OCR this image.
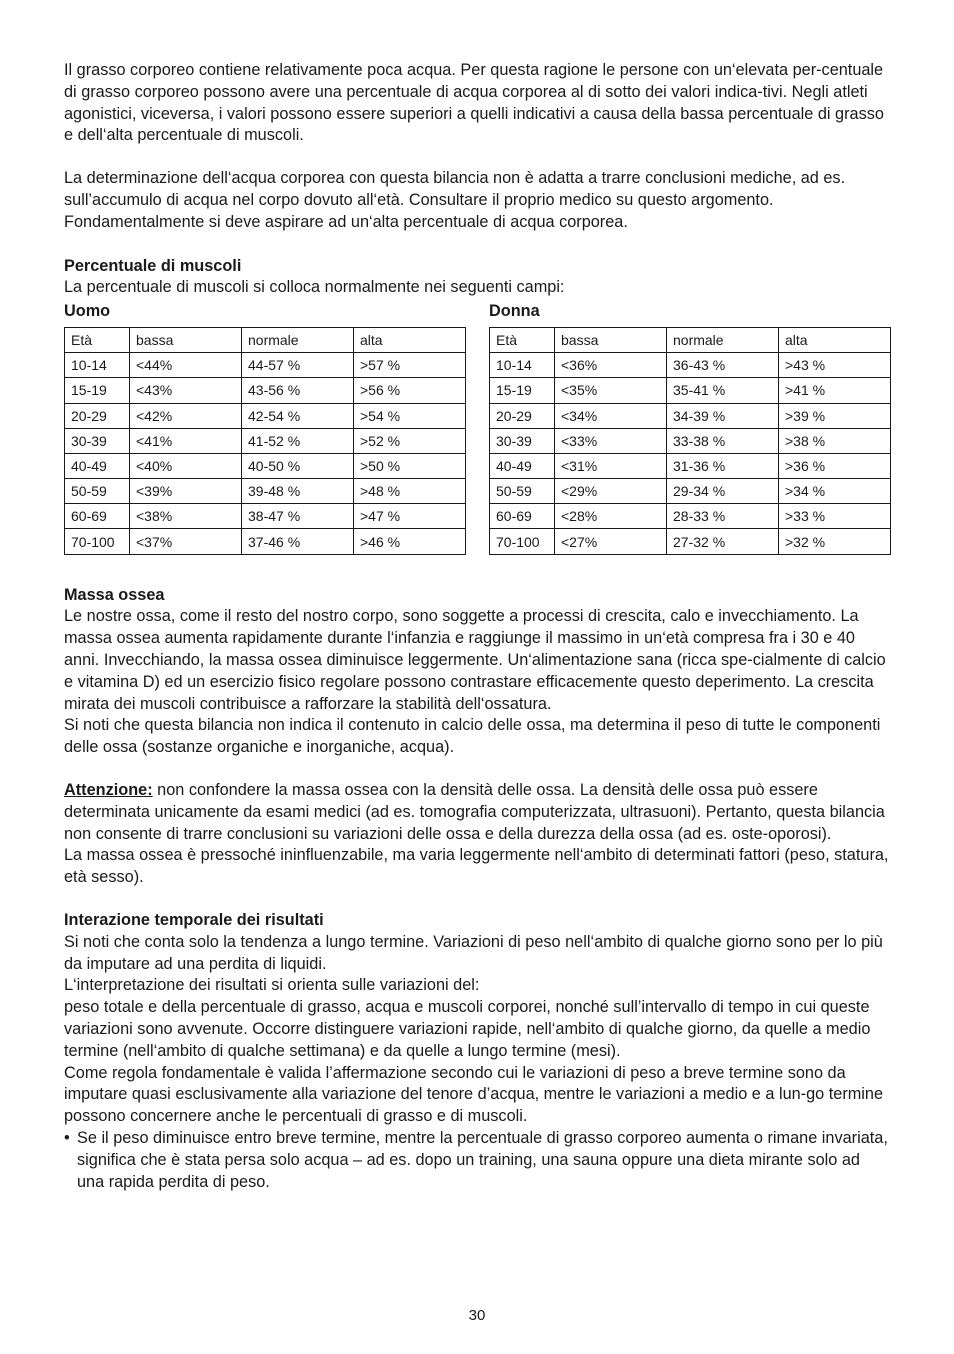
Il grasso corporeo contiene relativamente poca acqua. Per questa ragione le persone con un‘elevata per-centuale di grasso corporeo possono avere una percentuale di acqua corporea al di sotto dei valori indica-tivi. Negli atleti agonistici, viceversa, i valori possono essere superiori a quelli indicativi a causa della bassa percentuale di grasso e dell‘alta percentuale di muscoli.

La determinazione dell‘acqua corporea con questa bilancia non è adatta a trarre conclusioni mediche, ad es. sull’accumulo di acqua nel corpo dovuto all‘età. Consultare il proprio medico su questo argomento. Fondamentalmente si deve aspirare ad un‘alta percentuale di acqua corporea.

Percentuale di muscoli

La percentuale di muscoli si colloca normalmente nei seguenti campi:

Uomo
Età	bassa	normale	alta
10-14	<44%	44-57 %	>57 %
15-19	<43%	43-56 %	>56 %
20-29	<42%	42-54 %	>54 %
30-39	<41%	41-52 %	>52 %
40-49	<40%	40-50 %	>50 %
50-59	<39%	39-48 %	>48 %
60-69	<38%	38-47 %	>47 %
70-100	<37%	37-46 %	>46 %
Donna
Età	bassa	normale	alta
10-14	<36%	36-43 %	>43 %
15-19	<35%	35-41 %	>41 %
20-29	<34%	34-39 %	>39 %
30-39	<33%	33-38 %	>38 %
40-49	<31%	31-36 %	>36 %
50-59	<29%	29-34 %	>34 %
60-69	<28%	28-33 %	>33 %
70-100	<27%	27-32 %	>32 %
Massa ossea

Le nostre ossa, come il resto del nostro corpo, sono soggette a processi di crescita, calo e invecchiamento. La massa ossea aumenta rapidamente durante l‘infanzia e raggiunge il massimo in un‘età compresa fra i 30 e 40 anni. Invecchiando, la massa ossea diminuisce leggermente. Un‘alimentazione sana (ricca spe-cialmente di calcio e vitamina D) ed un esercizio fisico regolare possono contrastare efficacemente questo deperimento. La crescita mirata dei muscoli contribuisce a rafforzare la stabilità dell‘ossatura.

Si noti che questa bilancia non indica il contenuto in calcio delle ossa, ma determina il peso di tutte le componenti delle ossa (sostanze organiche e inorganiche, acqua).

Attenzione: non confondere la massa ossea con la densità delle ossa. La densità delle ossa può essere determinata unicamente da esami medici (ad es. tomografia computerizzata, ultrasuoni). Pertanto, questa bilancia non consente di trarre conclusioni su variazioni delle ossa e della durezza della ossa (ad es. oste-oporosi).

La massa ossea è pressoché ininfluenzabile, ma varia leggermente nell‘ambito di determinati fattori (peso, statura, età sesso).

Interazione temporale dei risultati

Si noti che conta solo la tendenza a lungo termine. Variazioni di peso nell‘ambito di qualche giorno sono per lo più da imputare ad una perdita di liquidi.

L‘interpretazione dei risultati si orienta sulle variazioni del:

peso totale e della percentuale di grasso, acqua e muscoli corporei, nonché sull’intervallo di tempo in cui queste variazioni sono avvenute. Occorre distinguere variazioni rapide, nell‘ambito di qualche giorno, da quelle a medio termine (nell‘ambito di qualche settimana) e da quelle a lungo termine (mesi).

Come regola fondamentale è valida l’affermazione secondo cui le variazioni di peso a breve termine sono da imputare quasi esclusivamente alla variazione del tenore d’acqua, mentre le variazioni a medio e a lun-go termine possono concernere anche le percentuali di grasso e di muscoli.

• Se il peso diminuisce entro breve termine, mentre la percentuale di grasso corporeo aumenta o rimane invariata, significa che è stata persa solo acqua – ad es. dopo un training, una sauna oppure una dieta mirante solo ad una rapida perdita di peso.

30
